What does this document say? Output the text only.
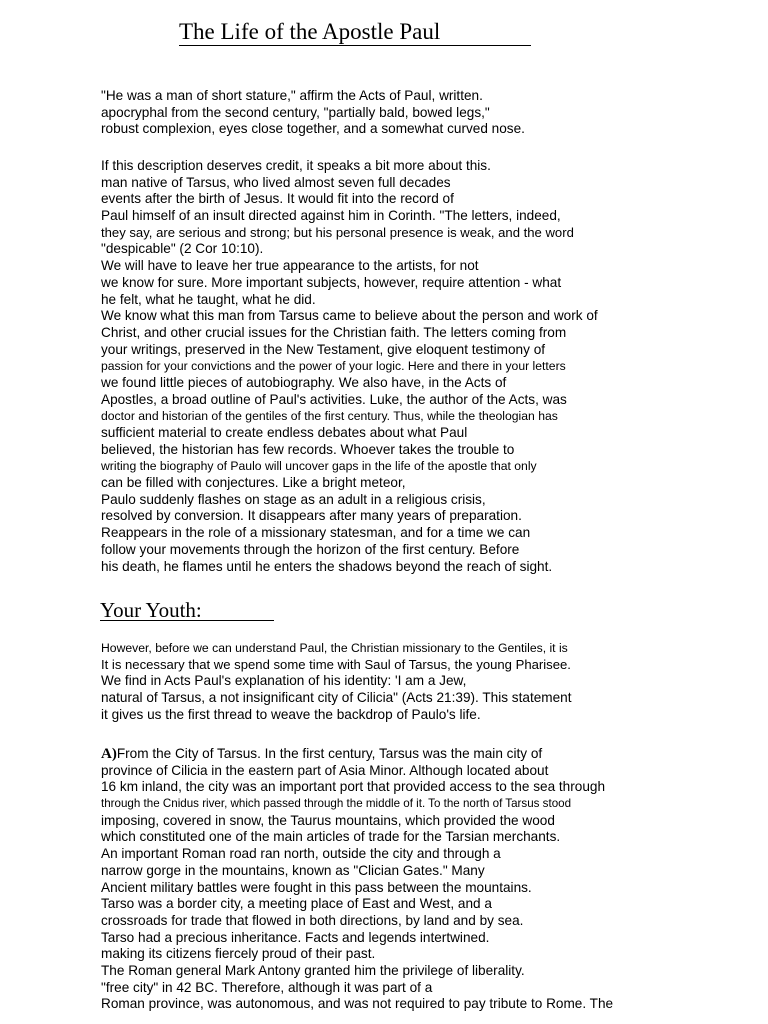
The Life of the Apostle Paul
"He was a man of short stature," affirm the Acts of Paul, written.
apocryphal from the second century, "partially bald, bowed legs,"
robust complexion, eyes close together, and a somewhat curved nose.
If this description deserves credit, it speaks a bit more about this.
man native of Tarsus, who lived almost seven full decades
events after the birth of Jesus. It would fit into the record of
Paul himself of an insult directed against him in Corinth. "The letters, indeed,
they say, are serious and strong; but his personal presence is weak, and the word
"despicable" (2 Cor 10:10).
We will have to leave her true appearance to the artists, for not
we know for sure. More important subjects, however, require attention - what
he felt, what he taught, what he did.
We know what this man from Tarsus came to believe about the person and work of
Christ, and other crucial issues for the Christian faith. The letters coming from
your writings, preserved in the New Testament, give eloquent testimony of
passion for your convictions and the power of your logic. Here and there in your letters
we found little pieces of autobiography. We also have, in the Acts of
Apostles, a broad outline of Paul's activities. Luke, the author of the Acts, was
doctor and historian of the gentiles of the first century. Thus, while the theologian has
sufficient material to create endless debates about what Paul
believed, the historian has few records. Whoever takes the trouble to
writing the biography of Paulo will uncover gaps in the life of the apostle that only
can be filled with conjectures. Like a bright meteor,
Paulo suddenly flashes on stage as an adult in a religious crisis,
resolved by conversion. It disappears after many years of preparation.
Reappears in the role of a missionary statesman, and for a time we can
follow your movements through the horizon of the first century. Before
his death, he flames until he enters the shadows beyond the reach of sight.
Your Youth:
However, before we can understand Paul, the Christian missionary to the Gentiles, it is
It is necessary that we spend some time with Saul of Tarsus, the young Pharisee.
We find in Acts Paul's explanation of his identity: 'I am a Jew,
natural of Tarsus, a not insignificant city of Cilicia" (Acts 21:39). This statement
it gives us the first thread to weave the backdrop of Paulo's life.
A)From the City of Tarsus. In the first century, Tarsus was the main city of
province of Cilicia in the eastern part of Asia Minor. Although located about
16 km inland, the city was an important port that provided access to the sea through
through the Cnidus river, which passed through the middle of it. To the north of Tarsus stood
imposing, covered in snow, the Taurus mountains, which provided the wood
which constituted one of the main articles of trade for the Tarsian merchants.
An important Roman road ran north, outside the city and through a
narrow gorge in the mountains, known as "Clician Gates." Many
Ancient military battles were fought in this pass between the mountains.
Tarso was a border city, a meeting place of East and West, and a
crossroads for trade that flowed in both directions, by land and by sea.
Tarso had a precious inheritance. Facts and legends intertwined.
making its citizens fiercely proud of their past.
The Roman general Mark Antony granted him the privilege of liberality.
"free city" in 42 BC. Therefore, although it was part of a
Roman province, was autonomous, and was not required to pay tribute to Rome. The
